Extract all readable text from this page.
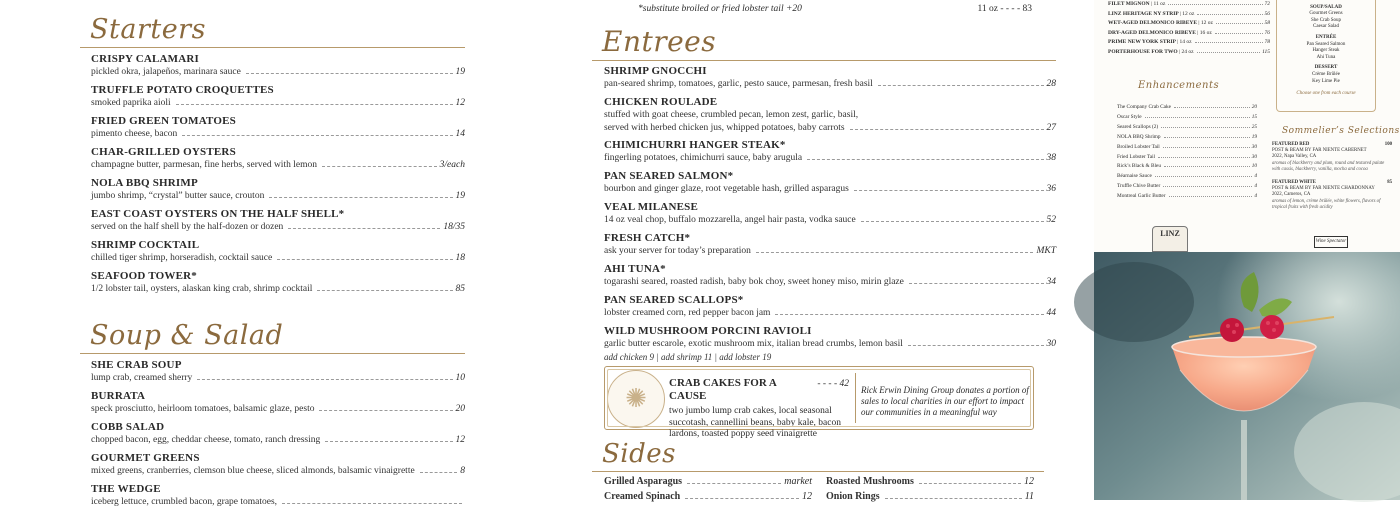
Starters
CRISPY CALAMARI
pickled okra, jalapeños, marinara sauce	19
TRUFFLE POTATO CROQUETTES
smoked paprika aioli	12
FRIED GREEN TOMATOES
pimento cheese, bacon	14
CHAR-GRILLED OYSTERS
champagne butter, parmesan, fine herbs, served with lemon	3/each
NOLA BBQ SHRIMP
jumbo shrimp, “crystal” butter sauce, crouton	19
EAST COAST OYSTERS ON THE HALF SHELL*
served on the half shell by the half-dozen or dozen	18/35
SHRIMP COCKTAIL
chilled tiger shrimp, horseradish, cocktail sauce	18
SEAFOOD TOWER*
1/2 lobster tail, oysters, alaskan king crab, shrimp cocktail	85
Soup & Salad
SHE CRAB SOUP
lump crab, creamed sherry	10
BURRATA
speck prosciutto, heirloom tomatoes, balsamic glaze, pesto	20
COBB SALAD
chopped bacon, egg, cheddar cheese, tomato, ranch dressing	12
GOURMET GREENS
mixed greens, cranberries, clemson blue cheese, sliced almonds, balsamic vinaigrette	8
THE WEDGE
iceberg lettuce, crumbled bacon, grape tomatoes,
*substitute broiled or fried lobster tail +20	11 oz - - - - 83
Entrees
SHRIMP GNOCCHI
pan-seared shrimp, tomatoes, garlic, pesto sauce, parmesan, fresh basil	28
CHICKEN ROULADE
stuffed with goat cheese, crumbled pecan, lemon zest, garlic, basil,
served with herbed chicken jus, whipped potatoes, baby carrots	27
CHIMICHURRI HANGER STEAK*
fingerling potatoes, chimichurri sauce, baby arugula	38
PAN SEARED SALMON*
bourbon and ginger glaze, root vegetable hash, grilled asparagus	36
VEAL MILANESE
14 oz veal chop, buffalo mozzarella, angel hair pasta, vodka sauce	52
FRESH CATCH*
ask your server for today’s preparation	MKT
AHI TUNA*
togarashi seared, roasted radish, baby bok choy, sweet honey miso, mirin glaze	34
PAN SEARED SCALLOPS*
lobster creamed corn, red pepper bacon jam	44
WILD MUSHROOM PORCINI RAVIOLI
garlic butter escarole, exotic mushroom mix, italian bread crumbs, lemon basil	30
add chicken 9 | add shrimp 11 | add lobster 19
✺
CRAB CAKES FOR A CAUSE
- - - - 42
two jumbo lump crab cakes, local seasonal succotash, cannellini beans, baby kale, bacon lardons, toasted poppy seed vinaigrette
Rick Erwin Dining Group donates a portion of sales to local charities in our effort to impact our communities in a meaningful way
Sides
Grilled Asparagus	market Roasted Mushrooms	12
Creamed Spinach	12 Onion Rings	11
FILET MIGNON | 11 oz	72
LINZ HERITAGE NY STRIP | 12 oz	56
WET-AGED DELMONICO RIBEYE | 12 oz	58
DRY-AGED DELMONICO RIBEYE | 16 oz	76
PRIME NEW YORK STRIP | 14 oz	78
PORTERHOUSE FOR TWO | 24 oz	115
Enhancements
The Company Crab Cake	20
Oscar Style	15
Seared Scallops (2)	25
NOLA BBQ Shrimp	19
Broiled Lobster Tail	30
Fried Lobster Tail	30
Rick’s Black & Bleu	10
Béarnaise Sauce	4
Truffle Chive Butter	4
Montreal Garlic Butter	4
LINZ
SOUP/SALAD
Gourmet Greens
She Crab Soup
Caesar Salad
ENTRÉE
Pan Seared Salmon
Hanger Steak
Ahi Tuna
DESSERT
Crème Brûlée
Key Lime Pie
Choose one from each course
Sommelier’s Selections
FEATURED RED	100
POST & BEAM BY FAR NIENTE CABERNET
2022, Napa Valley, CA
aromas of blackberry and plum, round and textured palate with cassis, blackberry, vanilla, mocha and cocoa
FEATURED WHITE	85
POST & BEAM BY FAR NIENTE CHARDONNAY
2022, Carneros, CA
aromas of lemon, crème brûlée, white flowers, flavors of tropical fruits with fresh acidity
Wine Spectator
